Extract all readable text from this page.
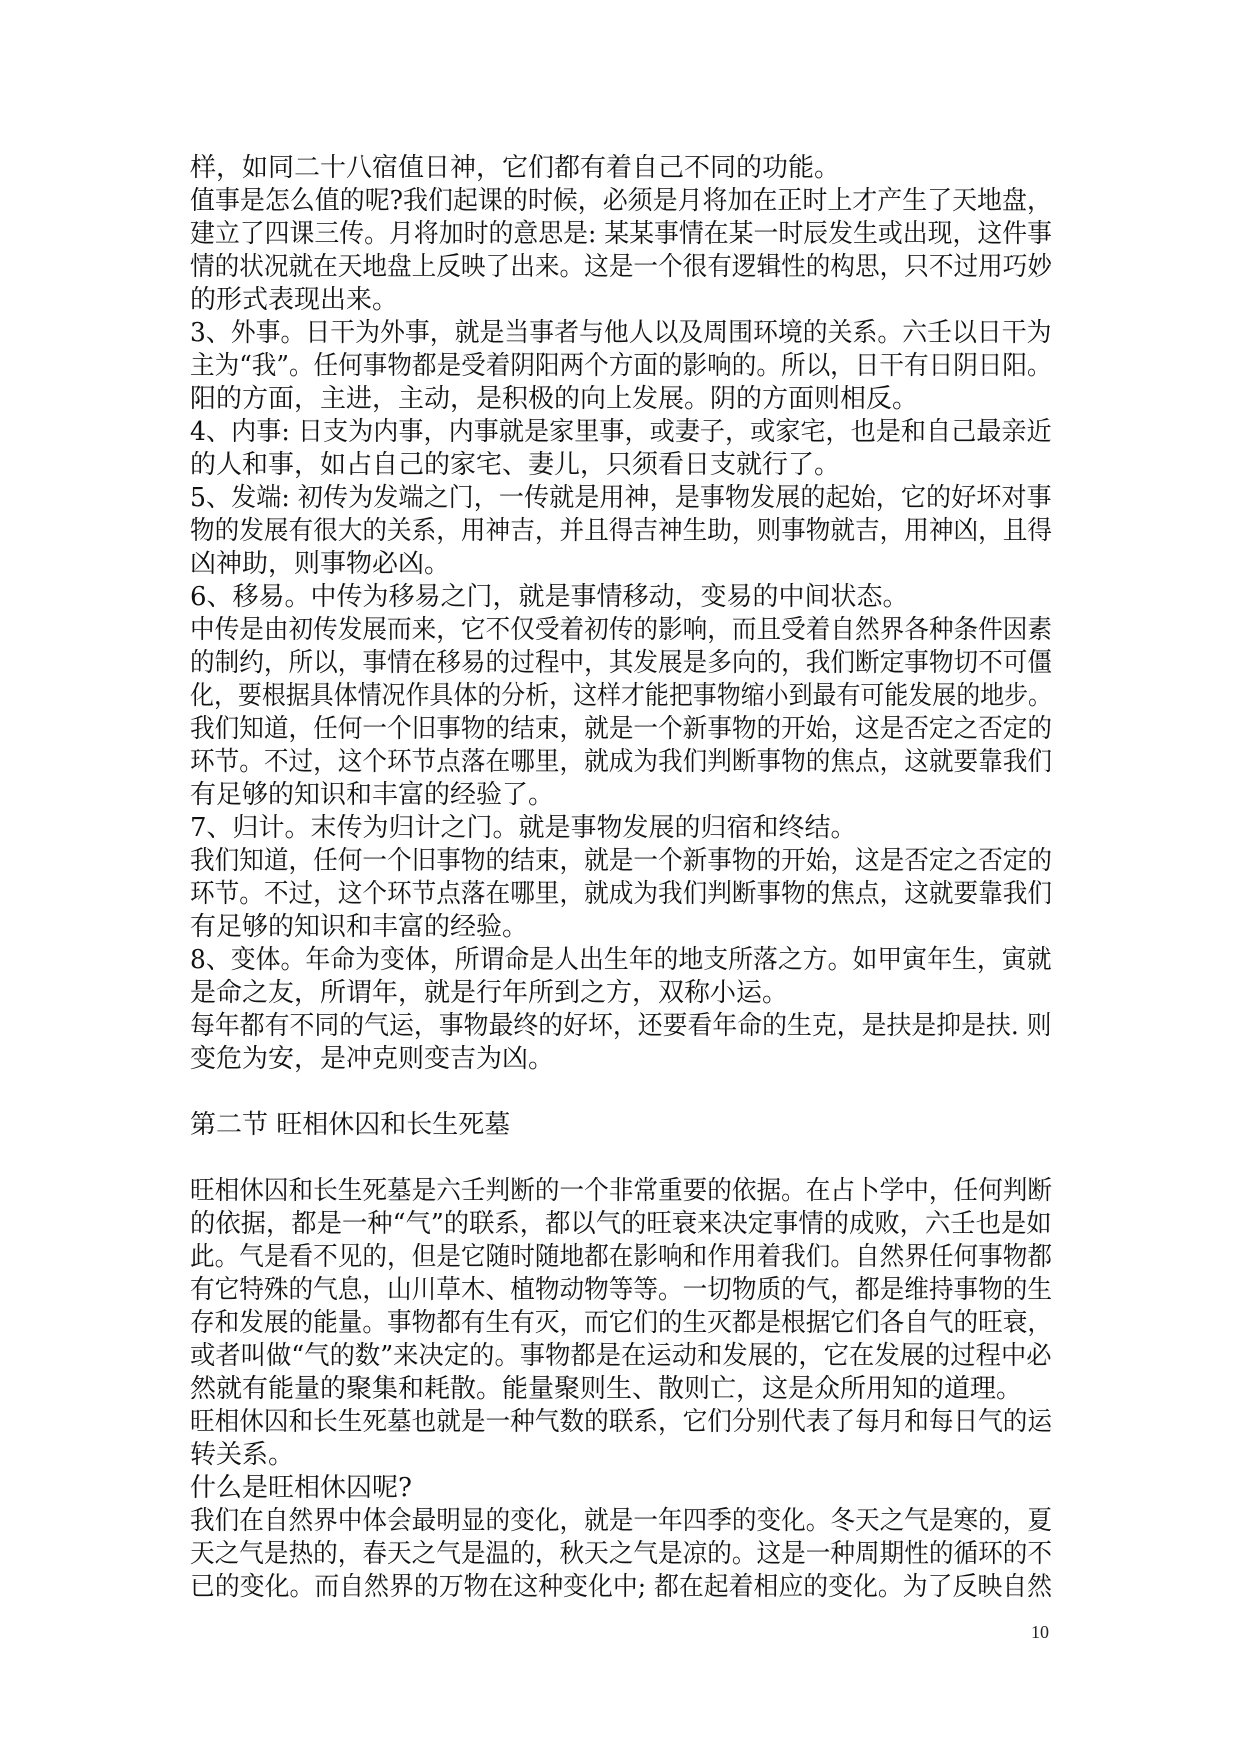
样，如同二十八宿值日神，它们都有着自己不同的功能。
值事是怎么值的呢?我们起课的时候，必须是月将加在正时上才产生了天地盘，
建立了四课三传。月将加时的意思是: 某某事情在某一时辰发生或出现，这件事
情的状况就在天地盘上反映了出来。这是一个很有逻辑性的构思，只不过用巧妙
的形式表现出来。
3、外事。日干为外事，就是当事者与他人以及周围环境的关系。六壬以日干为
主为“我”。任何事物都是受着阴阳两个方面的影响的。所以，日干有日阴日阳。
阳的方面，主进，主动，是积极的向上发展。阴的方面则相反。
4、内事: 日支为内事，内事就是家里事，或妻子，或家宅，也是和自己最亲近
的人和事，如占自己的家宅、妻儿，只须看日支就行了。
5、发端: 初传为发端之门，一传就是用神，是事物发展的起始，它的好坏对事
物的发展有很大的关系，用神吉，并且得吉神生助，则事物就吉，用神凶，且得
凶神助，则事物必凶。
6、移易。中传为移易之门，就是事情移动，变易的中间状态。
中传是由初传发展而来，它不仅受着初传的影响，而且受着自然界各种条件因素
的制约，所以，事情在移易的过程中，其发展是多向的，我们断定事物切不可僵
化，要根据具体情况作具体的分析，这样才能把事物缩小到最有可能发展的地步。
我们知道，任何一个旧事物的结束，就是一个新事物的开始，这是否定之否定的
环节。不过，这个环节点落在哪里，就成为我们判断事物的焦点，这就要靠我们
有足够的知识和丰富的经验了。
7、归计。末传为归计之门。就是事物发展的归宿和终结。
我们知道，任何一个旧事物的结束，就是一个新事物的开始，这是否定之否定的
环节。不过，这个环节点落在哪里，就成为我们判断事物的焦点，这就要靠我们
有足够的知识和丰富的经验。
8、变体。年命为变体，所谓命是人出生年的地支所落之方。如甲寅年生，寅就
是命之友，所谓年，就是行年所到之方，双称小运。
每年都有不同的气运，事物最终的好坏，还要看年命的生克，是扶是抑是扶. 则
变危为安，是冲克则变吉为凶。
第二节 旺相休囚和长生死墓
旺相休囚和长生死墓是六壬判断的一个非常重要的依据。在占卜学中，任何判断
的依据，都是一种“气”的联系，都以气的旺衰来决定事情的成败，六壬也是如
此。气是看不见的，但是它随时随地都在影响和作用着我们。自然界任何事物都
有它特殊的气息，山川草木、植物动物等等。一切物质的气，都是维持事物的生
存和发展的能量。事物都有生有灭，而它们的生灭都是根据它们各自气的旺衰，
或者叫做“气的数”来决定的。事物都是在运动和发展的，它在发展的过程中必
然就有能量的聚集和耗散。能量聚则生、散则亡，这是众所用知的道理。
旺相休囚和长生死墓也就是一种气数的联系，它们分别代表了每月和每日气的运
转关系。
什么是旺相休囚呢?
我们在自然界中体会最明显的变化，就是一年四季的变化。冬天之气是寒的，夏
天之气是热的，春天之气是温的，秋天之气是凉的。这是一种周期性的循环的不
已的变化。而自然界的万物在这种变化中; 都在起着相应的变化。为了反映自然
10
